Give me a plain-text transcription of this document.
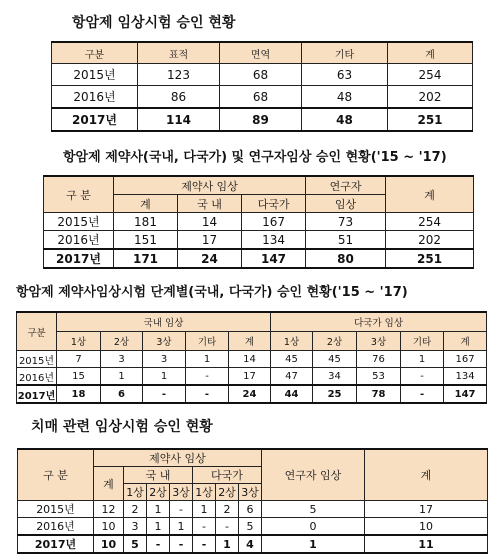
항암제 임상시험 승인 현황
구분	표적	면역	기타	계
2015년	123	68	63	254
2016년	86	68	48	202
2017년	114	89	48	251
항암제 제약사(국내, 다국가) 및 연구자임상 승인 현황('15 ~ '17)
구 분	제약사 임상			연구자	계
	계	국 내	다국가	임상	
2015년	181	14	167	73	254
2016년	151	17	134	51	202
2017년	171	24	147	80	251
항암제 제약사임상시험 단계별(국내, 다국가) 승인 현황('15 ~ '17)
구분	국내 임상					다국가 임상				
	1상	2상	3상	기타	계	1상	2상	3상	기타	계
2015년	7	3	3	1	14	45	45	76	1	167
2016년	15	1	1	-	17	47	34	53	-	134
2017년	18	6	-	-	24	44	25	78	-	147
치매 관련 임상시험 승인 현황
구 분	제약사 임상							연구자 임상	계
	계	국 내			다국가				
		1상	2상	3상	1상	2상	3상		
2015년	12	2	1	-	1	2	6	5	17
2016년	10	3	1	1	-	-	5	0	10
2017년	10	5	-	-	-	1	4	1	11
